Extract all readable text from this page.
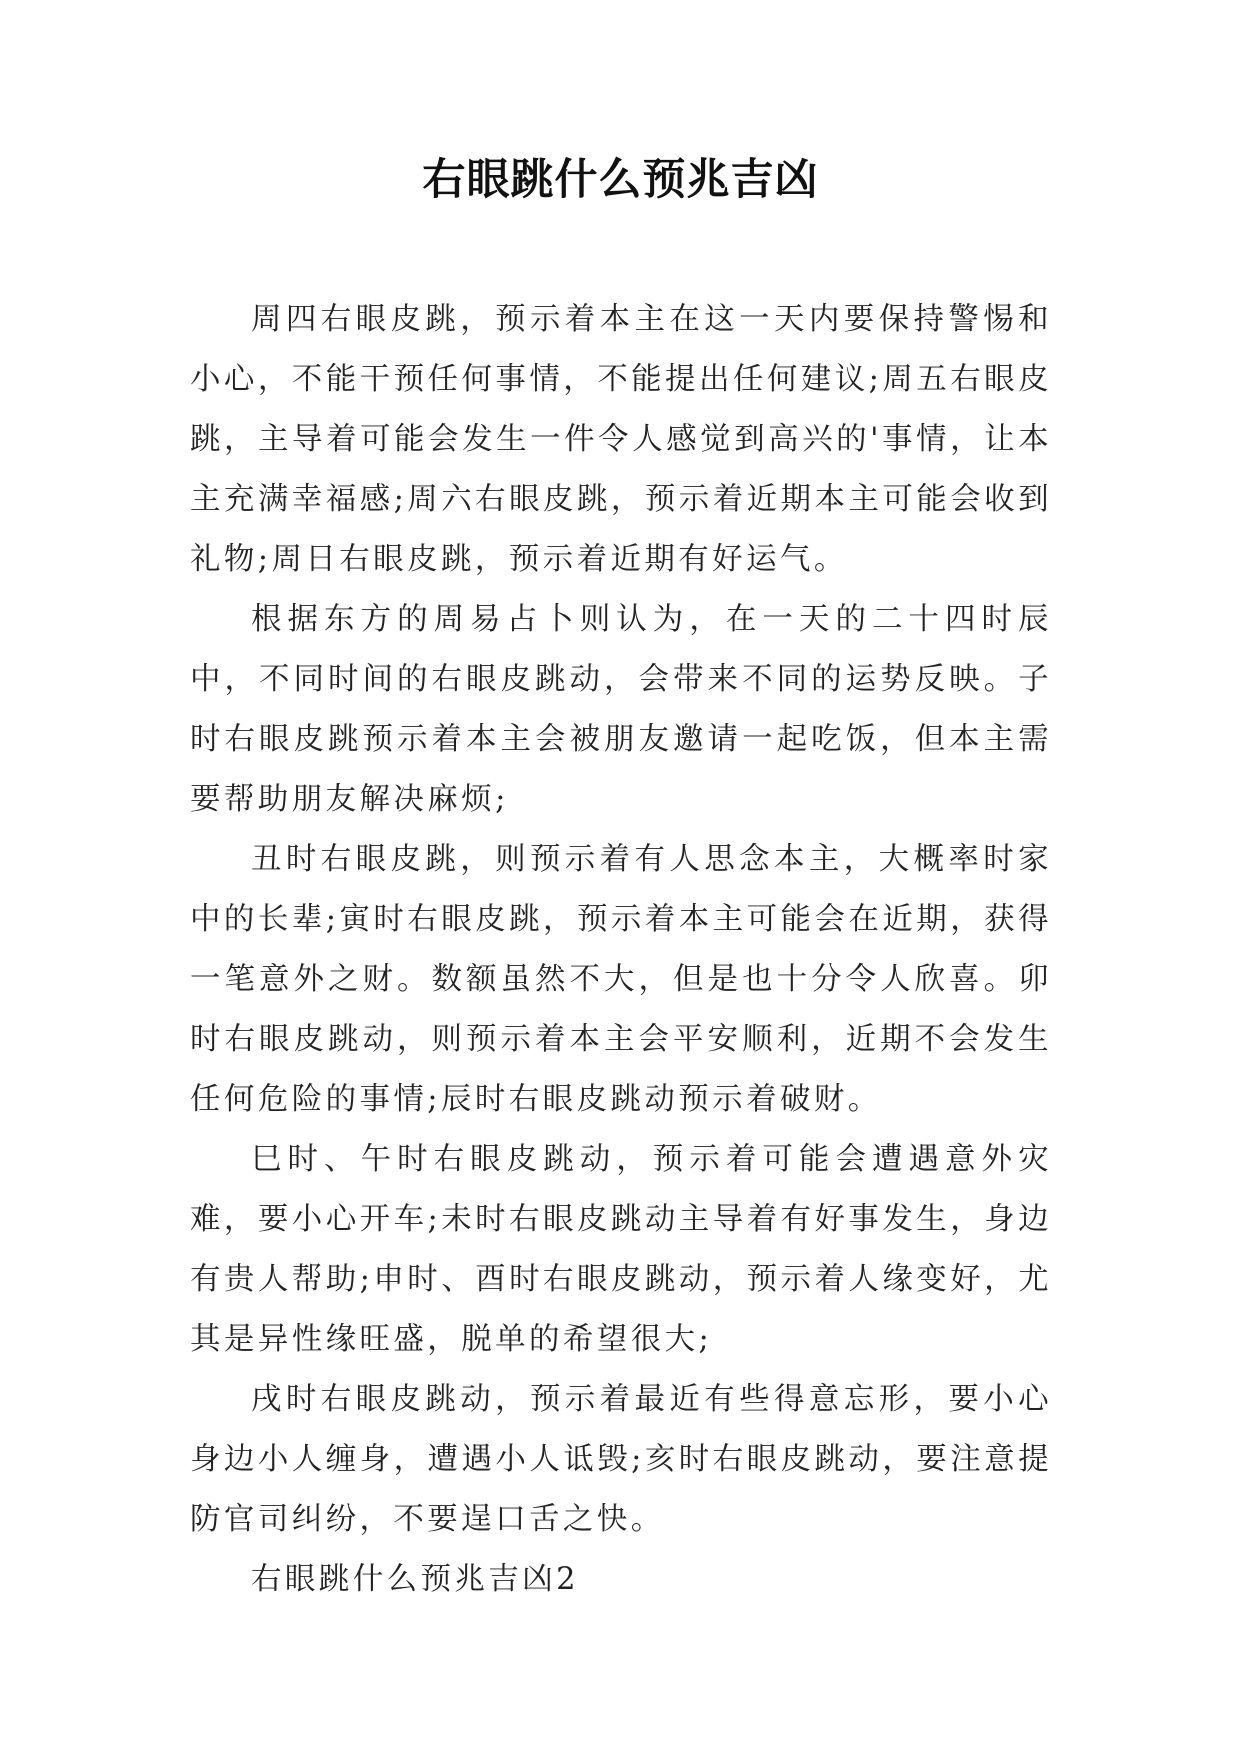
右眼跳什么预兆吉凶

周四右眼皮跳，预示着本主在这一天内要保持警惕和小心，不能干预任何事情，不能提出任何建议;周五右眼皮跳，主导着可能会发生一件令人感觉到高兴的'事情，让本主充满幸福感;周六右眼皮跳，预示着近期本主可能会收到礼物;周日右眼皮跳，预示着近期有好运气。

根据东方的周易占卜则认为，在一天的二十四时辰中，不同时间的右眼皮跳动，会带来不同的运势反映。子时右眼皮跳预示着本主会被朋友邀请一起吃饭，但本主需要帮助朋友解决麻烦;

丑时右眼皮跳，则预示着有人思念本主，大概率时家中的长辈;寅时右眼皮跳，预示着本主可能会在近期，获得一笔意外之财。数额虽然不大，但是也十分令人欣喜。卯时右眼皮跳动，则预示着本主会平安顺利，近期不会发生任何危险的事情;辰时右眼皮跳动预示着破财。

巳时、午时右眼皮跳动，预示着可能会遭遇意外灾难，要小心开车;未时右眼皮跳动主导着有好事发生，身边有贵人帮助;申时、酉时右眼皮跳动，预示着人缘变好，尤其是异性缘旺盛，脱单的希望很大;

戌时右眼皮跳动，预示着最近有些得意忘形，要小心身边小人缠身，遭遇小人诋毁;亥时右眼皮跳动，要注意提防官司纠纷，不要逞口舌之快。

右眼跳什么预兆吉凶2
